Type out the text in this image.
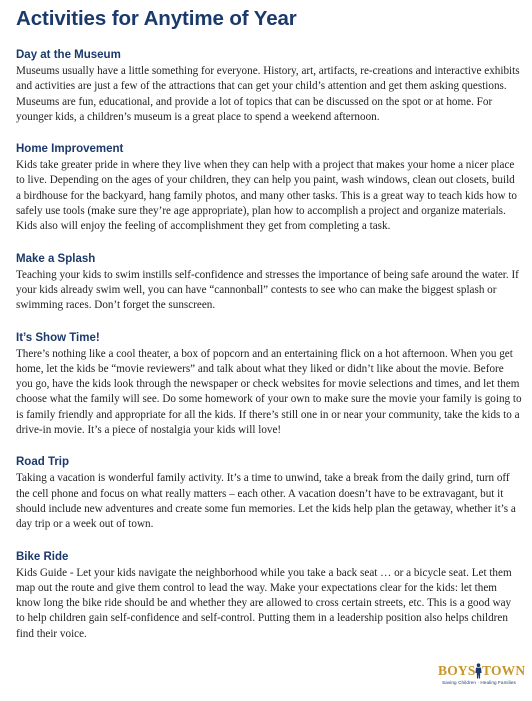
Activities for Anytime of Year
Day at the Museum

Museums usually have a little something for everyone. History, art, artifacts, re-creations and interactive exhibits and activities are just a few of the attractions that can get your child’s attention and get them asking questions. Museums are fun, educational, and provide a lot of topics that can be discussed on the spot or at home. For younger kids, a children’s museum is a great place to spend a weekend afternoon.

Home Improvement

Kids take greater pride in where they live when they can help with a project that makes your home a nicer place to live. Depending on the ages of your children, they can help you paint, wash windows, clean out closets, build a birdhouse for the backyard, hang family photos, and many other tasks. This is a great way to teach kids how to safely use tools (make sure they’re age appropriate), plan how to accomplish a project and organize materials. Kids also will enjoy the feeling of accomplishment they get from completing a task.

Make a Splash

Teaching your kids to swim instills self-confidence and stresses the importance of being safe around the water. If your kids already swim well, you can have “cannonball” contests to see who can make the biggest splash or swimming races. Don’t forget the sunscreen.

It’s Show Time!

There’s nothing like a cool theater, a box of popcorn and an entertaining flick on a hot afternoon. When you get home, let the kids be “movie reviewers” and talk about what they liked or didn’t like about the movie. Before you go, have the kids look through the newspaper or check websites for movie selections and times, and let them choose what the family will see. Do some homework of your own to make sure the movie your family is going to is family friendly and appropriate for all the kids. If there’s still one in or near your community, take the kids to a drive-in movie. It’s a piece of nostalgia your kids will love!

Road Trip

Taking a vacation is wonderful family activity. It’s a time to unwind, take a break from the daily grind, turn off the cell phone and focus on what really matters – each other. A vacation doesn’t have to be extravagant, but it should include new adventures and create some fun memories. Let the kids help plan the getaway, whether it’s a day trip or a week out of town.

Bike Ride

Kids Guide - Let your kids navigate the neighborhood while you take a back seat … or a bicycle seat. Let them map out the route and give them control to lead the way. Make your expectations clear for the kids: let them know long the bike ride should be and whether they are allowed to cross certain streets, etc. This is a good way to help children gain self-confidence and self-control. Putting them in a leadership position also helps children find their voice.

BOYS TOWN
Saving Children · Healing Families
